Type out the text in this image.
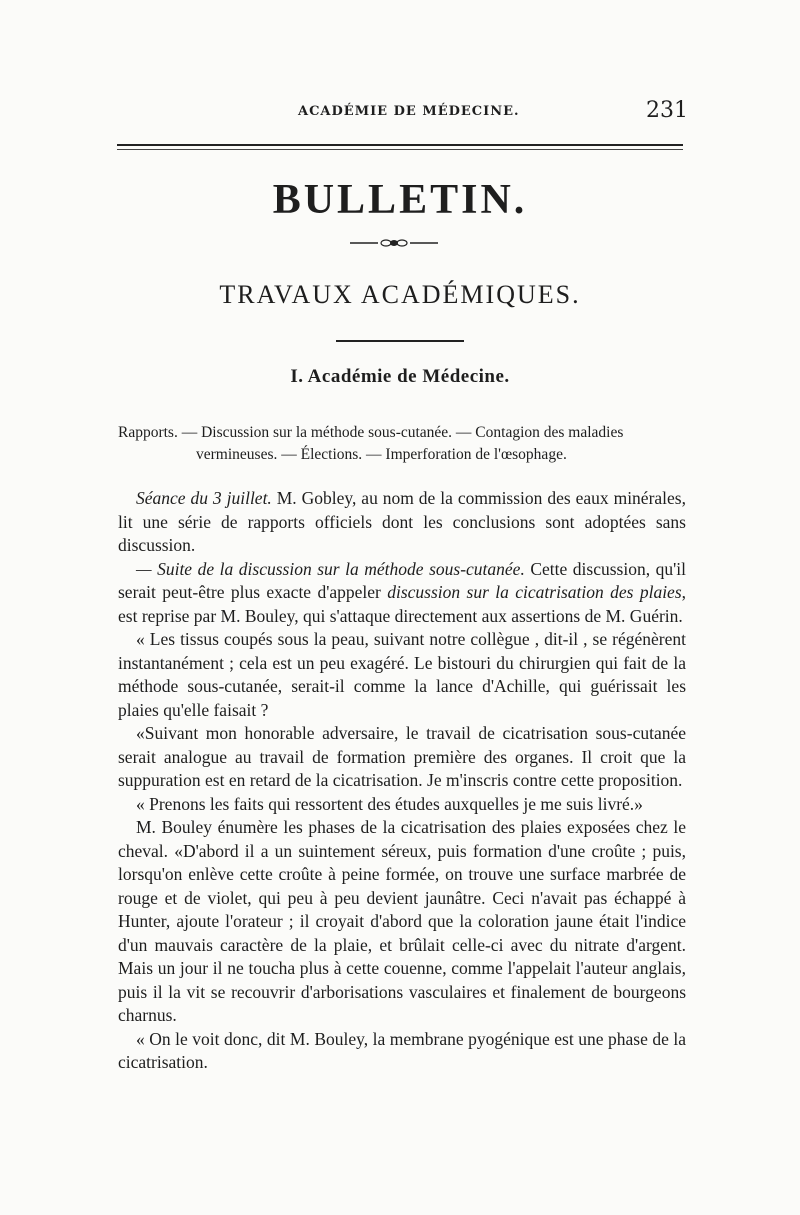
ACADÉMIE DE MÉDECINE.	231
BULLETIN.
TRAVAUX ACADÉMIQUES.
I. Académie de Médecine.
Rapports. — Discussion sur la méthode sous-cutanée. — Contagion des maladies
vermineuses. — Élections. — Imperforation de l'œsophage.

Séance du 3 juillet. M. Gobley, au nom de la commission des eaux minérales, lit une série de rapports officiels dont les conclusions sont adoptées sans discussion.

— Suite de la discussion sur la méthode sous-cutanée. Cette discussion, qu'il serait peut-être plus exacte d'appeler discussion sur la cicatrisation des plaies, est reprise par M. Bouley, qui s'attaque directement aux assertions de M. Guérin.

« Les tissus coupés sous la peau, suivant notre collègue , dit-il , se régénèrent instantanément ; cela est un peu exagéré. Le bistouri du chirurgien qui fait de la méthode sous-cutanée, serait-il comme la lance d'Achille, qui guérissait les plaies qu'elle faisait ?

«Suivant mon honorable adversaire, le travail de cicatrisation sous-cutanée serait analogue au travail de formation première des organes. Il croit que la suppuration est en retard de la cicatrisation. Je m'inscris contre cette proposition.

« Prenons les faits qui ressortent des études auxquelles je me suis livré.»

M. Bouley énumère les phases de la cicatrisation des plaies exposées chez le cheval. «D'abord il a un suintement séreux, puis formation d'une croûte ; puis, lorsqu'on enlève cette croûte à peine formée, on trouve une surface marbrée de rouge et de violet, qui peu à peu devient jaunâtre. Ceci n'avait pas échappé à Hunter, ajoute l'orateur ; il croyait d'abord que la coloration jaune était l'indice d'un mauvais caractère de la plaie, et brûlait celle-ci avec du nitrate d'argent. Mais un jour il ne toucha plus à cette couenne, comme l'appelait l'auteur anglais, puis il la vit se recouvrir d'arborisations vasculaires et finalement de bourgeons charnus.

« On le voit donc, dit M. Bouley, la membrane pyogénique est une phase de la cicatrisation.
